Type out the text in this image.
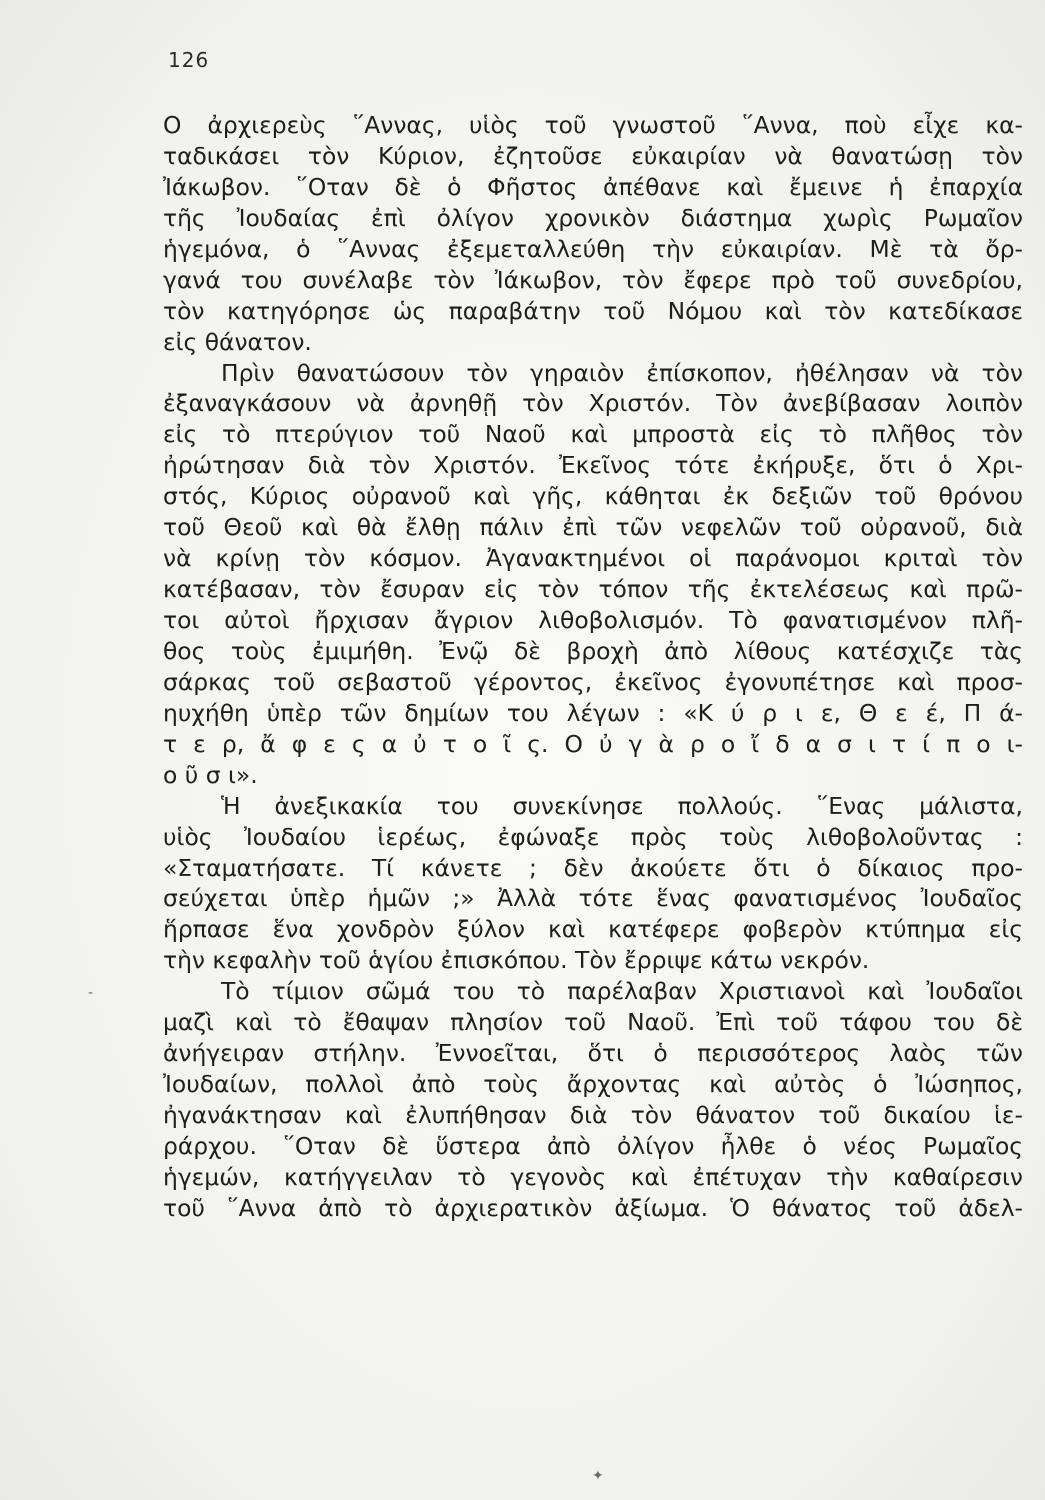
126
Ο ἀρχιερεὺς ῞Αννας, υἱὸς τοῦ γνωστοῦ ῞Αννα, ποὺ εἶχε κα-
ταδικάσει τὸν Κύριον, ἐζητοῦσε εὐκαιρίαν νὰ θανατώσῃ τὸν
Ἰάκωβον. ῞Οταν δὲ ὁ Φῆστος ἀπέθανε καὶ ἔμεινε ἡ ἐπαρχία
τῆς Ἰουδαίας ἐπὶ ὀλίγον χρονικὸν διάστημα χωρὶς Ρωμαῖον
ἡγεμόνα, ὁ ῞Αννας ἐξεμεταλλεύθη τὴν εὐκαιρίαν. Μὲ τὰ ὄρ-
γανά του συνέλαβε τὸν Ἰάκωβον, τὸν ἔφερε πρὸ τοῦ συνεδρίου,
τὸν κατηγόρησε ὡς παραβάτην τοῦ Νόμου καὶ τὸν κατεδίκασε
εἰς θάνατον.
Πρὶν θανατώσουν τὸν γηραιὸν ἐπίσκοπον, ἠθέλησαν νὰ τὸν
ἐξαναγκάσουν νὰ ἀρνηθῇ τὸν Χριστόν. Τὸν ἀνεβίβασαν λοιπὸν
εἰς τὸ πτερύγιον τοῦ Ναοῦ καὶ μπροστὰ εἰς τὸ πλῆθος τὸν
ἠρώτησαν διὰ τὸν Χριστόν. Ἐκεῖνος τότε ἐκήρυξε, ὅτι ὁ Χρι-
στός, Κύριος οὐρανοῦ καὶ γῆς, κάθηται ἐκ δεξιῶν τοῦ θρόνου
τοῦ Θεοῦ καὶ θὰ ἔλθῃ πάλιν ἐπὶ τῶν νεφελῶν τοῦ οὐρανοῦ, διὰ
νὰ κρίνῃ τὸν κόσμον. Ἀγανακτημένοι οἱ παράνομοι κριταὶ τὸν
κατέβασαν, τὸν ἔσυραν εἰς τὸν τόπον τῆς ἐκτελέσεως καὶ πρῶ-
τοι αὐτοὶ ἤρχισαν ἄγριον λιθοβολισμόν. Τὸ φανατισμένον πλῆ-
θος τοὺς ἐμιμήθη. Ἐνῷ δὲ βροχὴ ἀπὸ λίθους κατέσχιζε τὰς
σάρκας τοῦ σεβαστοῦ γέροντος, ἐκεῖνος ἐγονυπέτησε καὶ προσ-
ηυχήθη ὑπὲρ τῶν δημίων του λέγων : «Κ ύ ρ ι ε, Θ ε έ, Π ά-
τ ε ρ, ἄ φ ε ς α ὐ τ ο ῖ ς. Ο ὐ γ ὰ ρ ο ἴ δ α σ ι τ ί π ο ι-
ο ῦ σ ι».
Ἡ ἀνεξικακία του συνεκίνησε πολλούς. ῞Ενας μάλιστα,
υἱὸς Ἰουδαίου ἱερέως, ἐφώναξε πρὸς τοὺς λιθοβολοῦντας :
«Σταματήσατε. Τί κάνετε ; δὲν ἀκούετε ὅτι ὁ δίκαιος προ-
σεύχεται ὑπὲρ ἡμῶν ;» Ἀλλὰ τότε ἕνας φανατισμένος Ἰουδαῖος
ἥρπασε ἕνα χονδρὸν ξύλον καὶ κατέφερε φοβερὸν κτύπημα εἰς
τὴν κεφαλὴν τοῦ ἁγίου ἐπισκόπου. Τὸν ἔρριψε κάτω νεκρόν.
Τὸ τίμιον σῶμά του τὸ παρέλαβαν Χριστιανοὶ καὶ Ἰουδαῖοι
μαζὶ καὶ τὸ ἔθαψαν πλησίον τοῦ Ναοῦ. Ἐπὶ τοῦ τάφου του δὲ
ἀνήγειραν στήλην. Ἐννοεῖται, ὅτι ὁ περισσότερος λαὸς τῶν
Ἰουδαίων, πολλοὶ ἀπὸ τοὺς ἄρχοντας καὶ αὐτὸς ὁ Ἰώσηπος,
ἠγανάκτησαν καὶ ἐλυπήθησαν διὰ τὸν θάνατον τοῦ δικαίου ἱε-
ράρχου. ῞Οταν δὲ ὕστερα ἀπὸ ὀλίγον ἦλθε ὁ νέος Ρωμαῖος
ἡγεμών, κατήγγειλαν τὸ γεγονὸς καὶ ἐπέτυχαν τὴν καθαίρεσιν
τοῦ ῞Αννα ἀπὸ τὸ ἀρχιερατικὸν ἀξίωμα. Ὁ θάνατος τοῦ ἀδελ-
‑
✦
